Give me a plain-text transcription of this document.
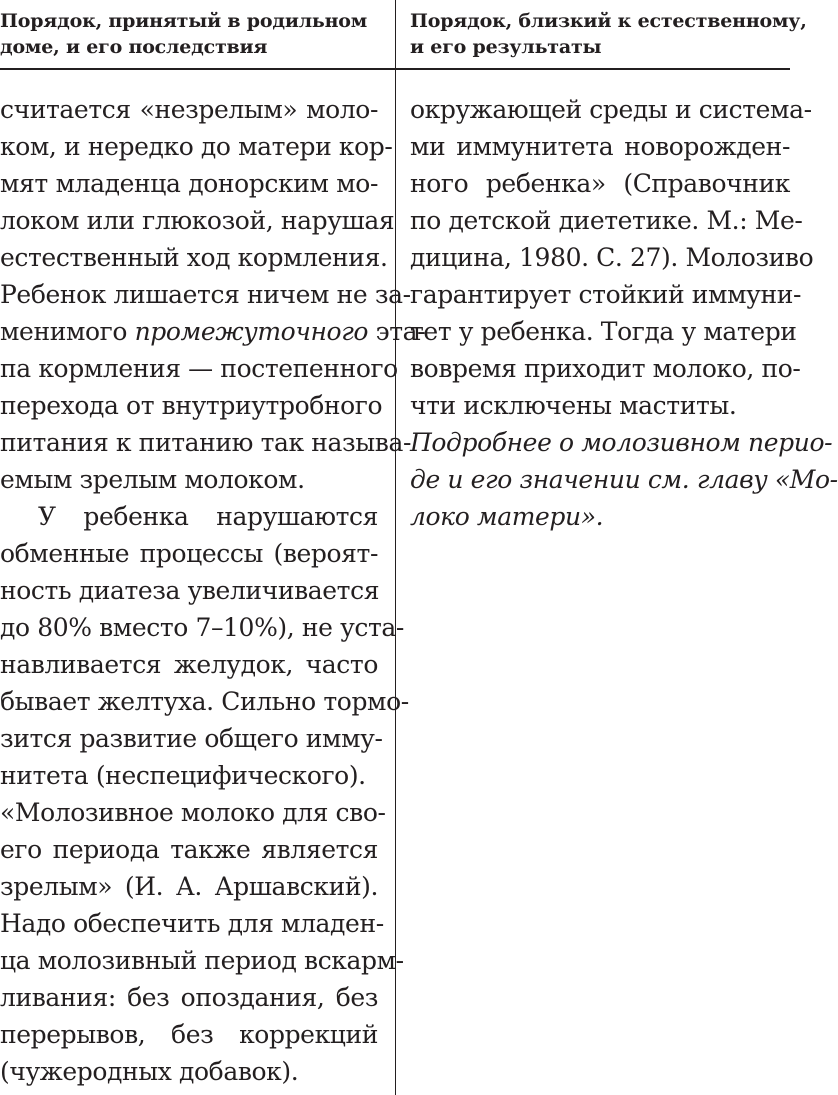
Порядок, принятый в родильном
доме, и его последствия
Порядок, близкий к естественному,
и его результаты
считается «незрелым» моло-
ком, и нередко до матери кор-
мят младенца донорским мо-
локом или глюкозой, нарушая
естественный ход кормления.
Ребенок лишается ничем не за-
менимого промежуточного эта-
па кормления — постепенного
перехода от внутриутробного
питания к питанию так называ-
емым зрелым молоком.
У ребенка нарушаются
обменные процессы (вероят-
ность диатеза увеличивается
до 80% вместо 7–10%), не уста-
навливается желудок, часто
бывает желтуха. Сильно тормо-
зится развитие общего имму-
нитета (неспецифического).
«Молозивное молоко для сво-
его периода также является
зрелым» (И. А. Аршавский).
Надо обеспечить для младен-
ца молозивный период вскарм-
ливания: без опоздания, без
перерывов, без коррекций
(чужеродных добавок).
окружающей среды и система-
ми иммунитета новорожден-
ного ребенка» (Справочник
по детской диететике. М.: Ме-
дицина, 1980. С. 27). Молозиво
гарантирует стойкий иммуни-
тет у ребенка. Тогда у матери
вовремя приходит молоко, по-
чти исключены маститы.
Подробнее о молозивном перио-
де и его значении см. главу «Мо-
локо матери».
